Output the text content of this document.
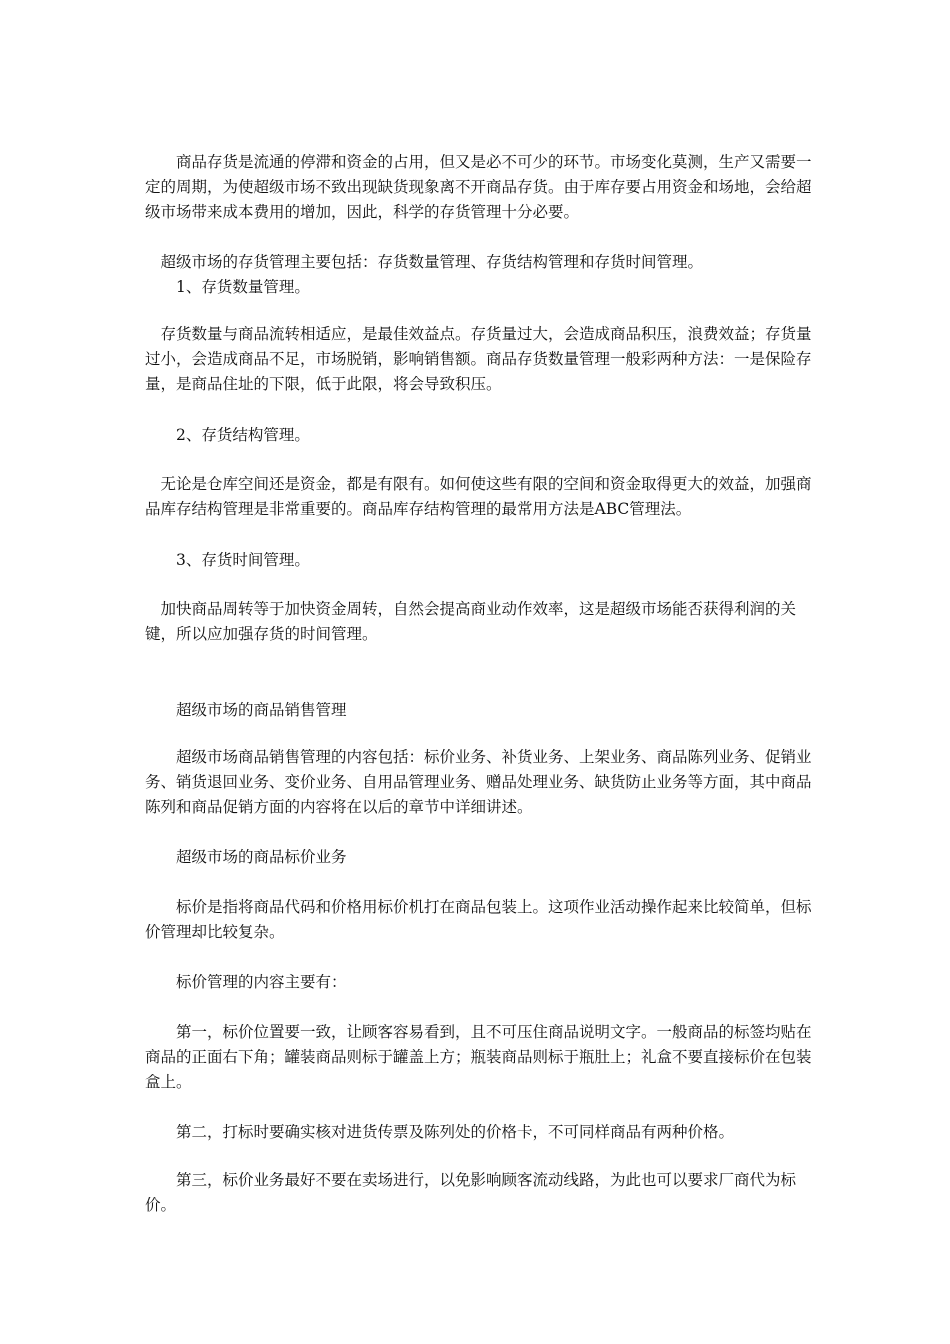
　　商品存货是流通的停滞和资金的占用，但又是必不可少的环节。市场变化莫测，生产又需要一定的周期，为使超级市场不致出现缺货现象离不开商品存货。由于库存要占用资金和场地，会给超级市场带来成本费用的增加，因此，科学的存货管理十分必要。
　超级市场的存货管理主要包括：存货数量管理、存货结构管理和存货时间管理。
　　1、存货数量管理。
　存货数量与商品流转相适应，是最佳效益点。存货量过大，会造成商品积压，浪费效益；存货量过小，会造成商品不足，市场脱销，影响销售额。商品存货数量管理一般彩两种方法：一是保险存量，是商品住址的下限，低于此限，将会导致积压。
　　2、存货结构管理。
　无论是仓库空间还是资金，都是有限有。如何使这些有限的空间和资金取得更大的效益，加强商品库存结构管理是非常重要的。商品库存结构管理的最常用方法是ABC管理法。
　　3、存货时间管理。
　加快商品周转等于加快资金周转，自然会提高商业动作效率，这是超级市场能否获得利润的关键，所以应加强存货的时间管理。
　　超级市场的商品销售管理
　　超级市场商品销售管理的内容包括：标价业务、补货业务、上架业务、商品陈列业务、促销业务、销货退回业务、变价业务、自用品管理业务、赠品处理业务、缺货防止业务等方面，其中商品陈列和商品促销方面的内容将在以后的章节中详细讲述。
　　超级市场的商品标价业务
　　标价是指将商品代码和价格用标价机打在商品包装上。这项作业活动操作起来比较简单，但标价管理却比较复杂。
　　标价管理的内容主要有：
　　第一，标价位置要一致，让顾客容易看到，且不可压住商品说明文字。一般商品的标签均贴在商品的正面右下角；罐装商品则标于罐盖上方；瓶装商品则标于瓶肚上；礼盒不要直接标价在包装盒上。
　　第二，打标时要确实核对进货传票及陈列处的价格卡，不可同样商品有两种价格。
　　第三，标价业务最好不要在卖场进行，以免影响顾客流动线路，为此也可以要求厂商代为标价。
